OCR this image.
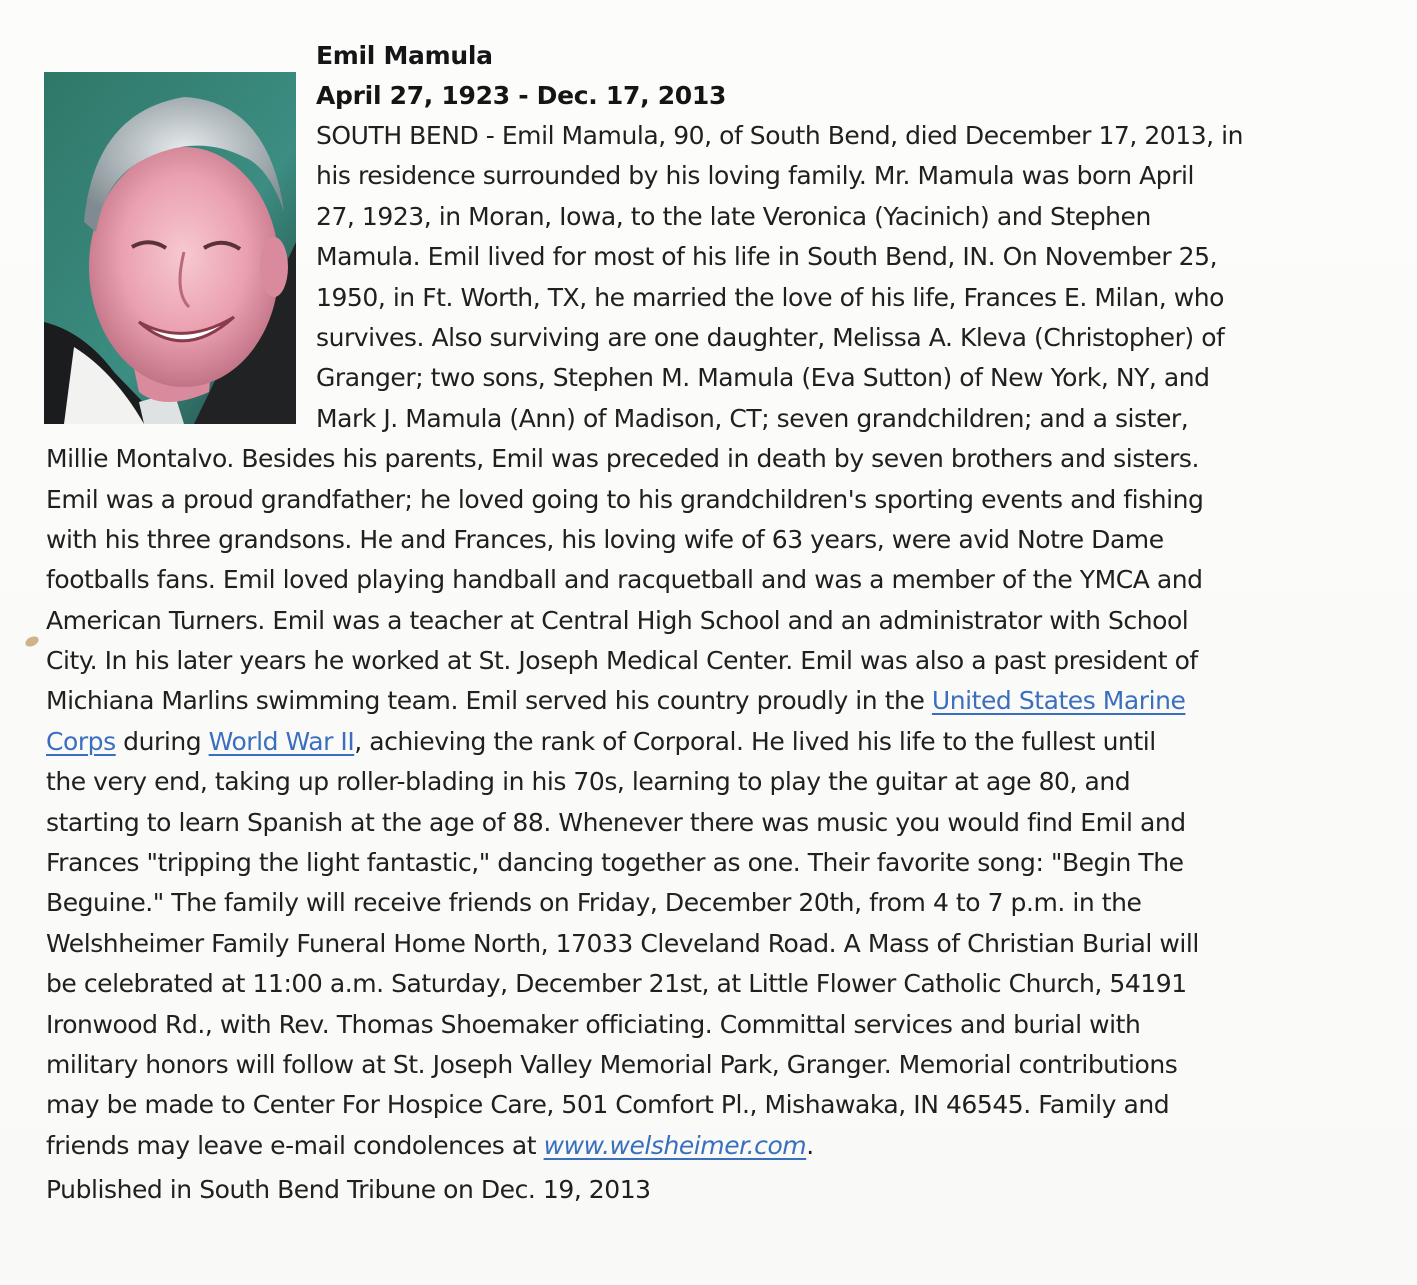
Emil Mamula
April 27, 1923 - Dec. 17, 2013
SOUTH BEND - Emil Mamula, 90, of South Bend, died December 17, 2013, in
his residence surrounded by his loving family. Mr. Mamula was born April
27, 1923, in Moran, Iowa, to the late Veronica (Yacinich) and Stephen
Mamula. Emil lived for most of his life in South Bend, IN. On November 25,
1950, in Ft. Worth, TX, he married the love of his life, Frances E. Milan, who
survives. Also surviving are one daughter, Melissa A. Kleva (Christopher) of
Granger; two sons, Stephen M. Mamula (Eva Sutton) of New York, NY, and
Mark J. Mamula (Ann) of Madison, CT; seven grandchildren; and a sister,
Millie Montalvo. Besides his parents, Emil was preceded in death by seven brothers and sisters.
Emil was a proud grandfather; he loved going to his grandchildren's sporting events and fishing
with his three grandsons. He and Frances, his loving wife of 63 years, were avid Notre Dame
footballs fans. Emil loved playing handball and racquetball and was a member of the YMCA and
American Turners. Emil was a teacher at Central High School and an administrator with School
City. In his later years he worked at St. Joseph Medical Center. Emil was also a past president of
Michiana Marlins swimming team. Emil served his country proudly in the United States Marine
Corps during World War II, achieving the rank of Corporal. He lived his life to the fullest until
the very end, taking up roller-blading in his 70s, learning to play the guitar at age 80, and
starting to learn Spanish at the age of 88. Whenever there was music you would find Emil and
Frances "tripping the light fantastic," dancing together as one. Their favorite song: "Begin The
Beguine." The family will receive friends on Friday, December 20th, from 4 to 7 p.m. in the
Welshheimer Family Funeral Home North, 17033 Cleveland Road. A Mass of Christian Burial will
be celebrated at 11:00 a.m. Saturday, December 21st, at Little Flower Catholic Church, 54191
Ironwood Rd., with Rev. Thomas Shoemaker officiating. Committal services and burial with
military honors will follow at St. Joseph Valley Memorial Park, Granger. Memorial contributions
may be made to Center For Hospice Care, 501 Comfort Pl., Mishawaka, IN 46545. Family and
friends may leave e-mail condolences at www.welsheimer.com.
Published in South Bend Tribune on Dec. 19, 2013
